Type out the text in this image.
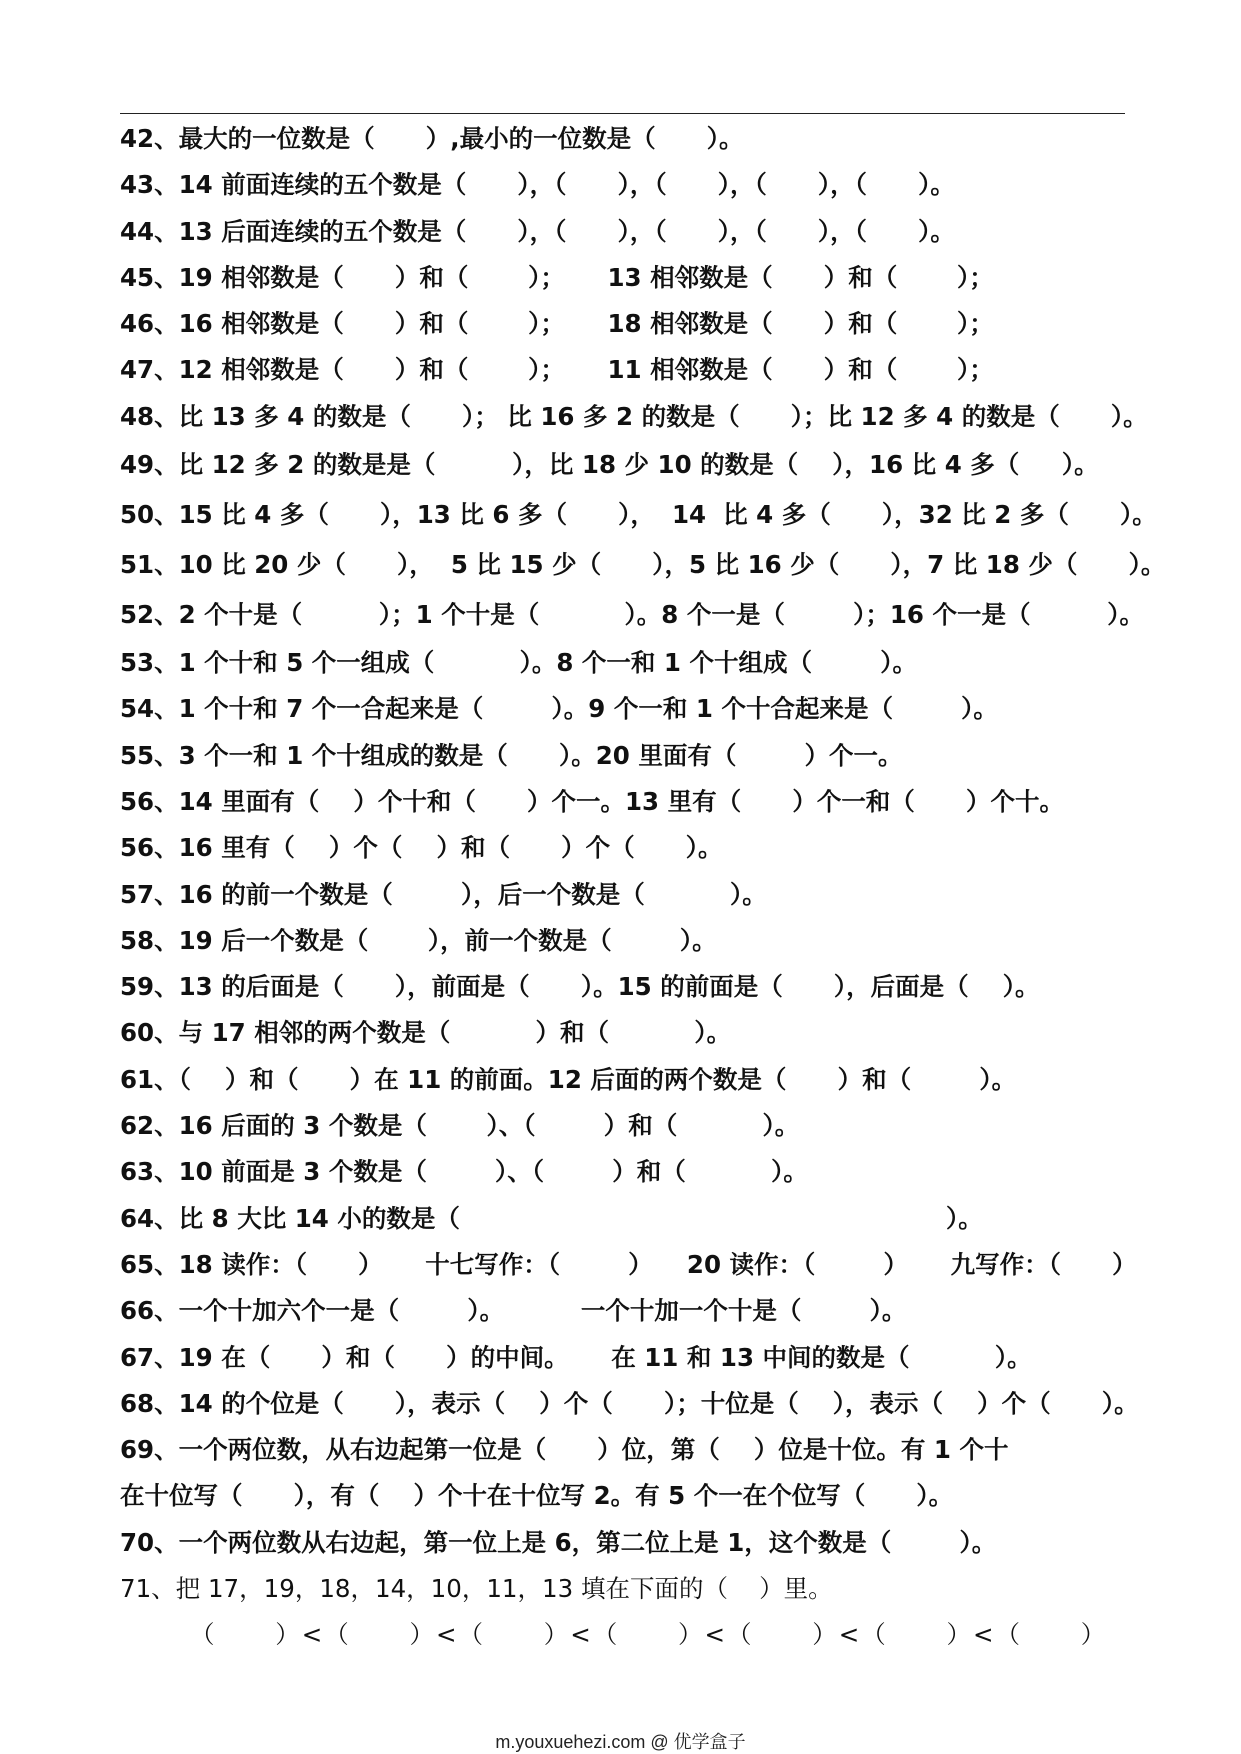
42、最大的一位数是（      ）,最小的一位数是（      ）。
43、14 前面连续的五个数是（      ），（      ），（      ），（      ），（      ）。
44、13 后面连续的五个数是（      ），（      ），（      ），（      ），（      ）。
45、19 相邻数是（      ）和（       ）；     13 相邻数是（      ）和（       ）；
46、16 相邻数是（      ）和（       ）；     18 相邻数是（      ）和（       ）；
47、12 相邻数是（      ）和（       ）；     11 相邻数是（      ）和（       ）；
48、比 13 多 4 的数是（      ）； 比 16 多 2 的数是（      ）；比 12 多 4 的数是（      ）。
49、比 12 多 2 的数是是（         ），比 18 少 10 的数是（    ），16 比 4 多（     ）。
50、15 比 4 多（      ），13 比 6 多（      ），  14  比 4 多（      ），32 比 2 多（      ）。
51、10 比 20 少（      ），  5 比 15 少（      ），5 比 16 少（      ），7 比 18 少（      ）。
52、2 个十是（         ）；1 个十是（          ）。8 个一是（        ）；16 个一是（         ）。
53、1 个十和 5 个一组成（          ）。8 个一和 1 个十组成（        ）。
54、1 个十和 7 个一合起来是（        ）。9 个一和 1 个十合起来是（        ）。
55、3 个一和 1 个十组成的数是（      ）。20 里面有（        ）个一。
56、14 里面有（    ）个十和（      ）个一。13 里有（      ）个一和（      ）个十。
56、16 里有（    ）个（    ）和（      ）个（      ）。
57、16 的前一个数是（        ），后一个数是（          ）。
58、19 后一个数是（       ），前一个数是（        ）。
59、13 的后面是（      ），前面是（      ）。15 的前面是（      ），后面是（    ）。
60、与 17 相邻的两个数是（          ）和（          ）。
61、（    ）和（      ）在 11 的前面。12 后面的两个数是（      ）和（        ）。
62、16 后面的 3 个数是（       ）、（        ）和（          ）。
63、10 前面是 3 个数是（        ）、（        ）和（          ）。
64、比 8 大比 14 小的数是（                                                         ）。
65、18 读作：（      ）     十七写作：（        ）    20 读作：（        ）     九写作：（      ）
66、一个十加六个一是（        ）。         一个十加一个十是（        ）。
67、19 在（      ）和（      ）的中间。     在 11 和 13 中间的数是（          ）。
68、14 的个位是（      ），表示（    ）个（      ）；十位是（    ），表示（    ）个（      ）。
69、一个两位数，从右边起第一位是（      ）位，第（    ）位是十位。有 1 个十
在十位写（      ），有（    ）个十在十位写 2。有 5 个一在个位写（      ）。
70、一个两位数从右边起，第一位上是 6，第二位上是 1，这个数是（        ）。
71、把 17，19，18，14，10，11，13 填在下面的（    ）里。
（      ）<（      ）<（      ）<（      ）<（      ）<（      ）<（      ）
m.youxuehezi.com @ 优学盒子
